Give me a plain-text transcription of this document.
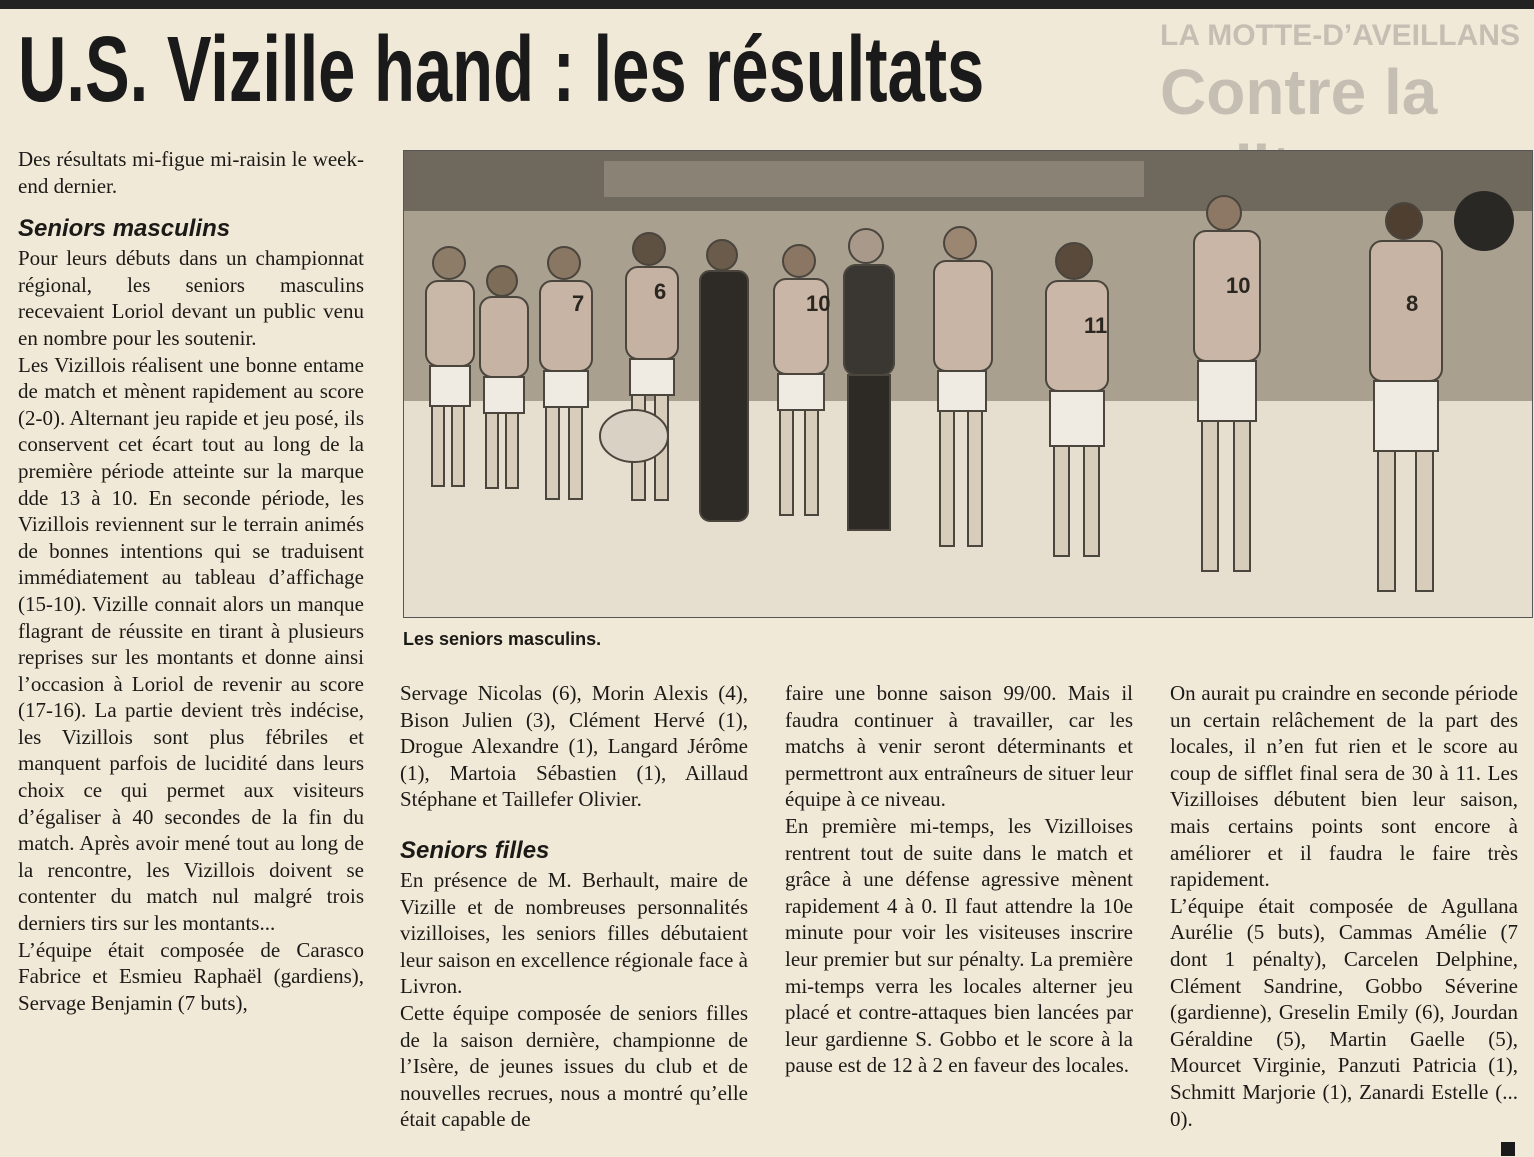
U.S. Vizille hand : les résultats	LA MOTTE-D’AVEILLANS
Contre la

Des résultats mi-figue mi-raisin le week-end dernier.

Seniors masculins

Pour leurs débuts dans un championnat régional, les seniors masculins recevaient Loriol devant un public venu en nombre pour les soutenir.

Les Vizillois réalisent une bonne entame de match et mènent rapidement au score (2-0). Alternant jeu rapide et jeu posé, ils conservent cet écart tout au long de la première période atteinte sur la marque dde 13 à 10. En seconde période, les Vizillois reviennent sur le terrain animés de bonnes intentions qui se traduisent immédiatement au tableau d’affichage (15-10). Vizille connait alors un manque flagrant de réussite en tirant à plusieurs reprises sur les montants et donne ainsi l’occasion à Loriol de revenir au score (17-16). La partie devient très indécise, les Vizillois sont plus fébriles et manquent parfois de lucidité dans leurs choix ce qui permet aux visiteurs d’égaliser à 40 secondes de la fin du match. Après avoir mené tout au long de la rencontre, les Vizillois doivent se contenter du match nul malgré trois derniers tirs sur les montants...

L’équipe était composée de Carasco Fabrice et Esmieu Raphaël (gardiens), Servage Benjamin (7 buts),

7	6	10
11
10
8
Les seniors masculins.

Servage Nicolas (6), Morin Alexis (4), Bison Julien (3), Clément Hervé (1), Drogue Alexandre (1), Langard Jérôme (1), Martoia Sébastien (1), Aillaud Stéphane et Taillefer Olivier.

Seniors filles

En présence de M. Berhault, maire de Vizille et de nombreuses personnalités vizilloises, les seniors filles débutaient leur saison en excellence régionale face à Livron.

Cette équipe composée de seniors filles de la saison dernière, championne de l’Isère, de jeunes issues du club et de nouvelles recrues, nous a montré qu’elle était capable de

faire une bonne saison 99/00. Mais il faudra continuer à travailler, car les matchs à venir seront déterminants et permettront aux entraîneurs de situer leur équipe à ce niveau.

En première mi-temps, les Vizilloises rentrent tout de suite dans le match et grâce à une défense agressive mènent rapidement 4 à 0. Il faut attendre la 10e minute pour voir les visiteuses inscrire leur premier but sur pénalty. La première mi-temps verra les locales alterner jeu placé et contre-attaques bien lancées par leur gardienne S. Gobbo et le score à la pause est de 12 à 2 en faveur des locales.

On aurait pu craindre en seconde période un certain relâchement de la part des locales, il n’en fut rien et le score au coup de sifflet final sera de 30 à 11. Les Vizilloises débutent bien leur saison, mais certains points sont encore à améliorer et il faudra le faire très rapidement.

L’équipe était composée de Agullana Aurélie (5 buts), Cammas Amélie (7 dont 1 pénalty), Carcelen Delphine, Clément Sandrine, Gobbo Séverine (gardienne), Greselin Emily (6), Jourdan Géraldine (5), Martin Gaelle (5), Mourcet Virginie, Panzuti Patricia (1), Schmitt Marjorie (1), Zanardi Estelle (... 0).
